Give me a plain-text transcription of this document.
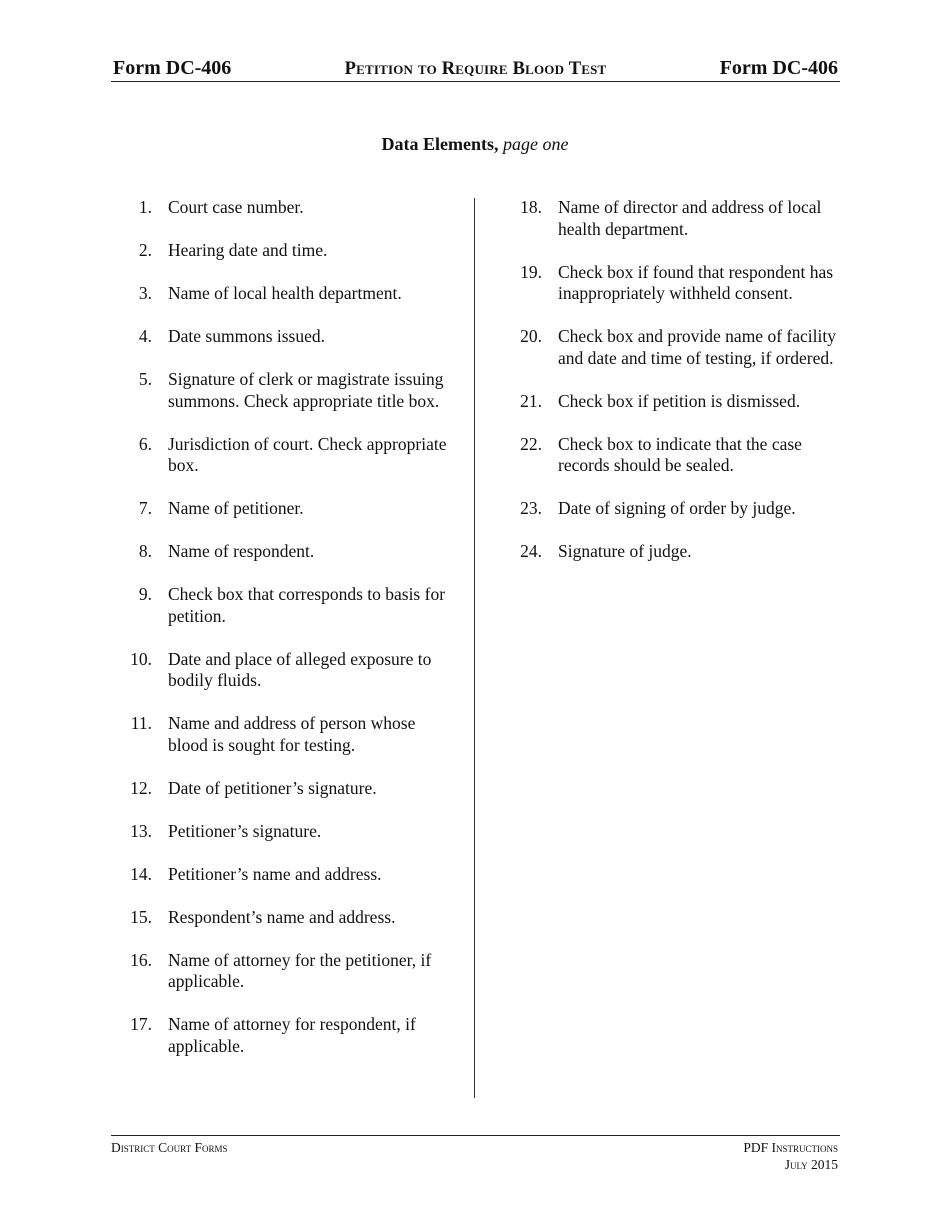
Form DC-406	Petition to Require Blood Test	Form DC-406
Data Elements, page one
1. Court case number.
2. Hearing date and time.
3. Name of local health department.
4. Date summons issued.
5. Signature of clerk or magistrate issuing summons. Check appropriate title box.
6. Jurisdiction of court. Check appropriate box.
7. Name of petitioner.
8. Name of respondent.
9. Check box that corresponds to basis for petition.
10. Date and place of alleged exposure to bodily fluids.
11. Name and address of person whose blood is sought for testing.
12. Date of petitioner’s signature.
13. Petitioner’s signature.
14. Petitioner’s name and address.
15. Respondent’s name and address.
16. Name of attorney for the petitioner, if applicable.
17. Name of attorney for respondent, if applicable.
18. Name of director and address of local health department.
19. Check box if found that respondent has inappropriately withheld consent.
20. Check box and provide name of facility and date and time of testing, if ordered.
21. Check box if petition is dismissed.
22. Check box to indicate that the case records should be sealed.
23. Date of signing of order by judge.
24. Signature of judge.
District Court Forms	PDF Instructions
July 2015
